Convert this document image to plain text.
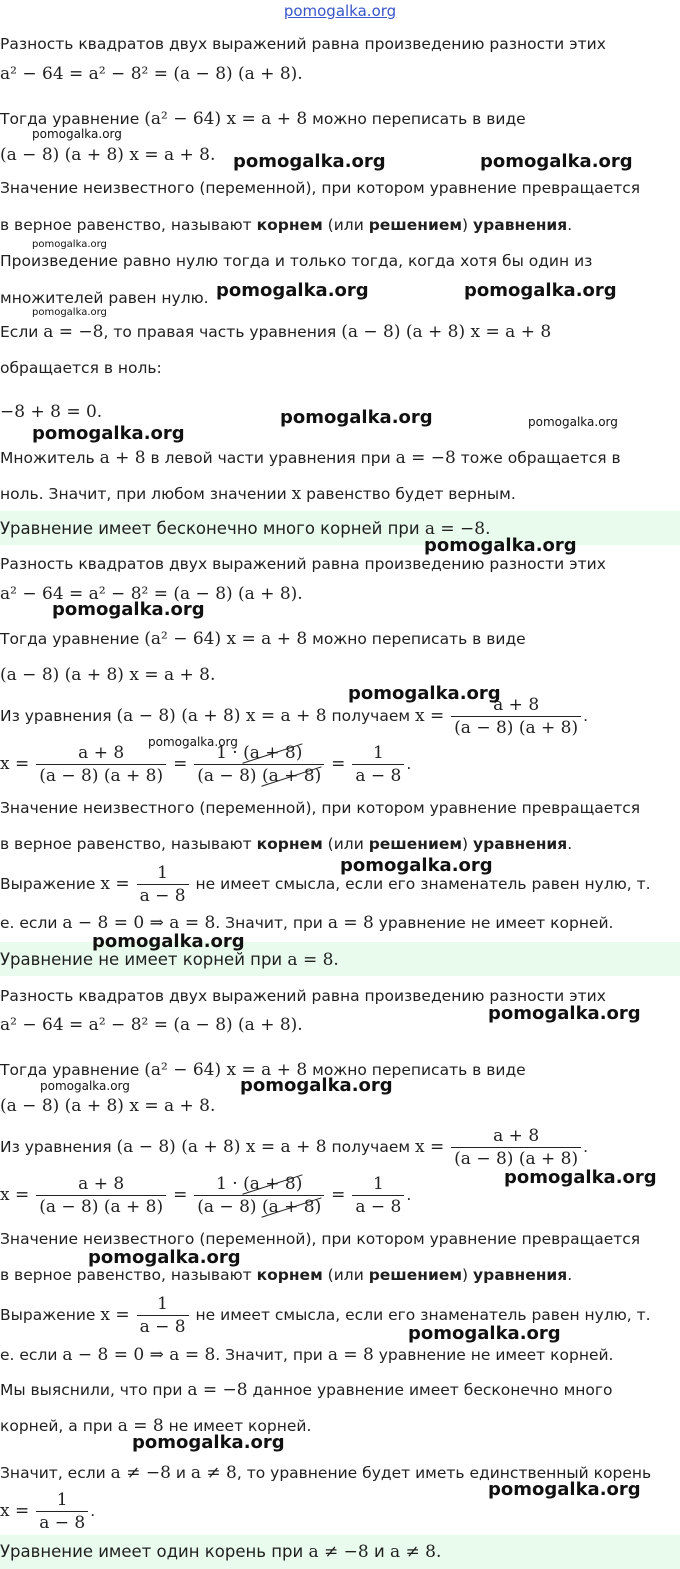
pomogalka.org
Разность квадратов двух выражений равна произведению разности этих
a² − 64 = a² − 8² = (a − 8) (a + 8).
Тогда уравнение (a² − 64) x = a + 8 можно переписать в виде
(a − 8) (a + 8) x = a + 8.
Значение неизвестного (переменной), при котором уравнение превращается
в верное равенство, называют корнем (или решением) уравнения.
Произведение равно нулю тогда и только тогда, когда хотя бы один из
множителей равен нулю.
Если a = −8, то правая часть уравнения (a − 8) (a + 8) x = a + 8
обращается в ноль:
−8 + 8 = 0.
Множитель a + 8 в левой части уравнения при a = −8 тоже обращается в
ноль. Значит, при любом значении x равенство будет верным.
Уравнение имеет бесконечно много корней при a = −8.
Разность квадратов двух выражений равна произведению разности этих
a² − 64 = a² − 8² = (a − 8) (a + 8).
Тогда уравнение (a² − 64) x = a + 8 можно переписать в виде
(a − 8) (a + 8) x = a + 8.
Из уравнения (a − 8) (a + 8) x = a + 8 получаем $x = \frac{a + 8}{(a - 8) (a + 8)}$ .
$x = \frac{a + 8}{(a - 8) (a + 8)} = \frac{1 \cdot (a + 8)}{(a - 8) (a + 8)} = \frac{1}{a - 8}$ .
Значение неизвестного (переменной), при котором уравнение превращается
в верное равенство, называют корнем (или решением) уравнения.
Выражение $x = \frac{1}{a - 8}$ не имеет смысла, если его знаменатель равен нулю, т.
е. если a − 8 = 0 ⇒ a = 8. Значит, при a = 8 уравнение не имеет корней.
Уравнение не имеет корней при a = 8.
Разность квадратов двух выражений равна произведению разности этих
a² − 64 = a² − 8² = (a − 8) (a + 8).
Тогда уравнение (a² − 64) x = a + 8 можно переписать в виде
(a − 8) (a + 8) x = a + 8.
Из уравнения (a − 8) (a + 8) x = a + 8 получаем $x = \frac{a + 8}{(a - 8) (a + 8)}$ .
$x = \frac{a + 8}{(a - 8) (a + 8)} = \frac{1 \cdot (a + 8)}{(a - 8) (a + 8)} = \frac{1}{a - 8}$ .
Значение неизвестного (переменной), при котором уравнение превращается
в верное равенство, называют корнем (или решением) уравнения.
Выражение $x = \frac{1}{a - 8}$ не имеет смысла, если его знаменатель равен нулю, т.
е. если a − 8 = 0 ⇒ a = 8. Значит, при a = 8 уравнение не имеет корней.
Мы выяснили, что при a = −8 данное уравнение имеет бесконечно много
корней, а при a = 8 не имеет корней.
Значит, если a ≠ −8 и a ≠ 8, то уравнение будет иметь единственный корень
$x = \frac{1}{a - 8}$ .
Уравнение имеет один корень при a ≠ −8 и a ≠ 8.
pomogalka.org
pomogalka.org	pomogalka.org
pomogalka.org
pomogalka.org	pomogalka.org
pomogalka.org
pomogalka.org	pomogalka.org
pomogalka.org
pomogalka.org
pomogalka.org
pomogalka.org
pomogalka.org
pomogalka.org
pomogalka.org
pomogalka.org
pomogalka.org	pomogalka.org
pomogalka.org
pomogalka.org
pomogalka.org
pomogalka.org
pomogalka.org
